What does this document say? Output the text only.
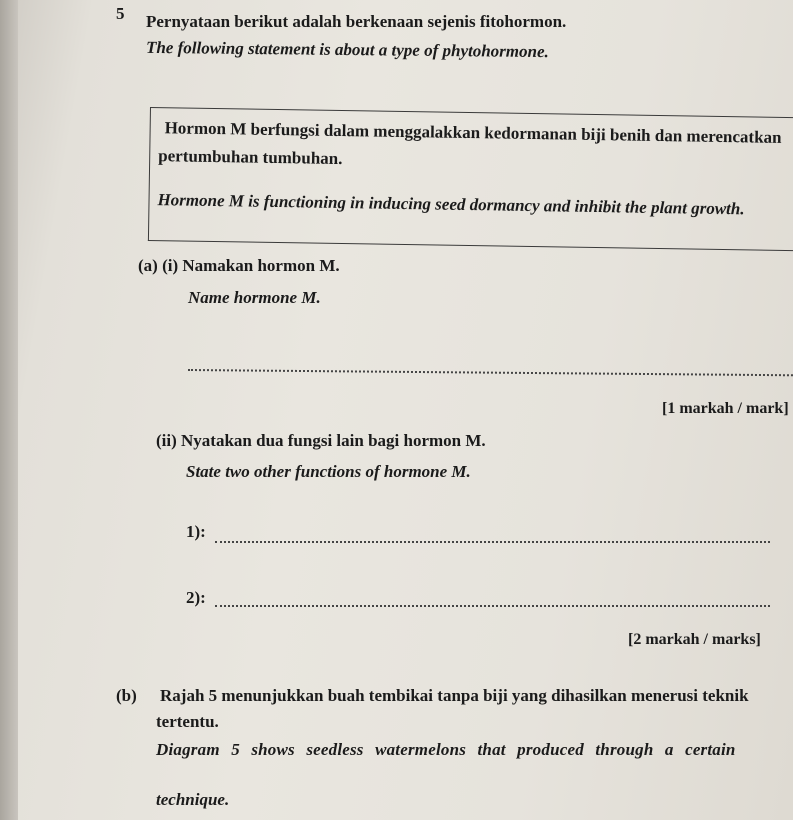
5 Pernyataan berikut adalah berkenaan sejenis fitohormon.
The following statement is about a type of phytohormone.
Hormon M berfungsi dalam menggalakkan kedormanan biji benih dan merencatkan
pertumbuhan tumbuhan.
Hormone M is functioning in inducing seed dormancy and inhibit the plant growth.
(a) (i) Namakan hormon M.
Name hormone M.
[1 markah / mark]
(ii) Nyatakan dua fungsi lain bagi hormon M.
State two other functions of hormone M.
1):
2):
[2 markah / marks]
(b) Rajah 5 menunjukkan buah tembikai tanpa biji yang dihasilkan menerusi teknik
tertentu.
Diagram 5 shows seedless watermelons that produced through a certain
technique.
